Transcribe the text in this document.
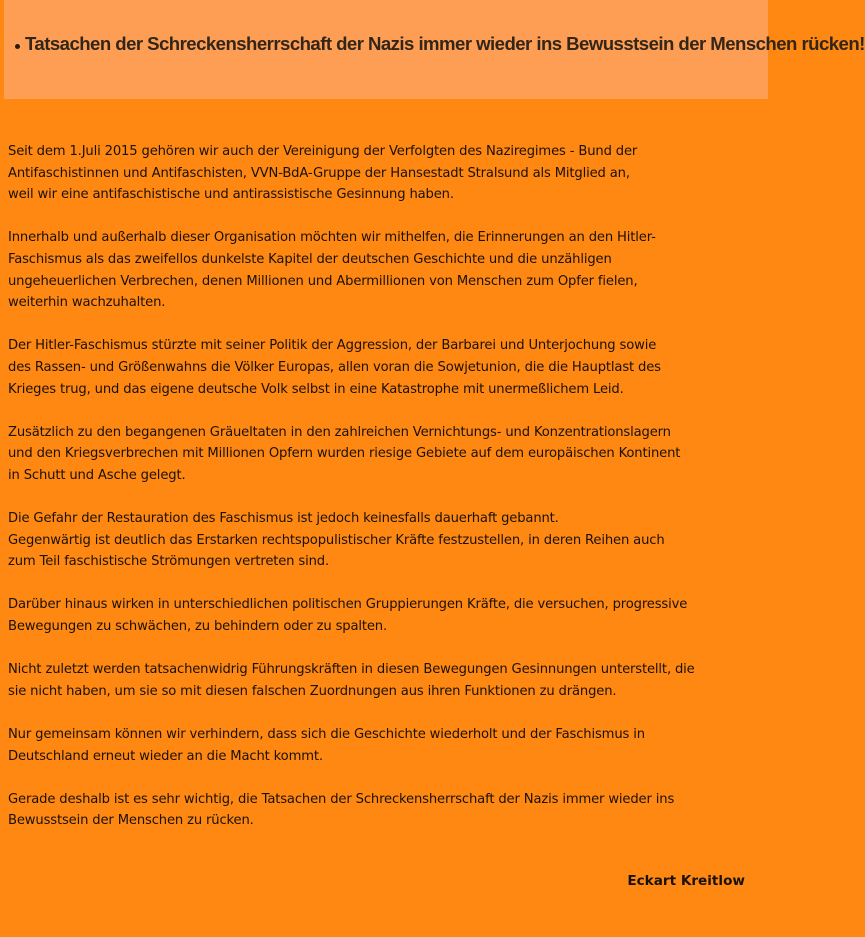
Tatsachen der Schreckensherrschaft der Nazis immer wieder ins Bewusstsein der Menschen rücken!

Seit dem 1.Juli 2015 gehören wir auch der Vereinigung der Verfolgten des Naziregimes - Bund der
Antifaschistinnen und Antifaschisten, VVN-BdA-Gruppe der Hansestadt Stralsund als Mitglied an,
weil wir eine antifaschistische und antirassistische Gesinnung haben.

Innerhalb und außerhalb dieser Organisation möchten wir mithelfen, die Erinnerungen an den Hitler-
Faschismus als das zweifellos dunkelste Kapitel der deutschen Geschichte und die unzähligen
ungeheuerlichen Verbrechen, denen Millionen und Abermillionen von Menschen zum Opfer fielen,
weiterhin wachzuhalten.

Der Hitler-Faschismus stürzte mit seiner Politik der Aggression, der Barbarei und Unterjochung sowie
des Rassen- und Größenwahns die Völker Europas, allen voran die Sowjetunion, die die Hauptlast des
Krieges trug, und das eigene deutsche Volk selbst in eine Katastrophe mit unermeßlichem Leid.

Zusätzlich zu den begangenen Gräueltaten in den zahlreichen Vernichtungs- und Konzentrationslagern
und den Kriegsverbrechen mit Millionen Opfern wurden riesige Gebiete auf dem europäischen Kontinent
in Schutt und Asche gelegt.

Die Gefahr der Restauration des Faschismus ist jedoch keinesfalls dauerhaft gebannt.
Gegenwärtig ist deutlich das Erstarken rechtspopulistischer Kräfte festzustellen, in deren Reihen auch
zum Teil faschistische Strömungen vertreten sind.

Darüber hinaus wirken in unterschiedlichen politischen Gruppierungen Kräfte, die versuchen, progressive
Bewegungen zu schwächen, zu behindern oder zu spalten.

Nicht zuletzt werden tatsachenwidrig Führungskräften in diesen Bewegungen Gesinnungen unterstellt, die
sie nicht haben, um sie so mit diesen falschen Zuordnungen aus ihren Funktionen zu drängen.

Nur gemeinsam können wir verhindern, dass sich die Geschichte wiederholt und der Faschismus in
Deutschland erneut wieder an die Macht kommt.

Gerade deshalb ist es sehr wichtig, die Tatsachen der Schreckensherrschaft der Nazis immer wieder ins
Bewusstsein der Menschen zu rücken.

Eckart Kreitlow
